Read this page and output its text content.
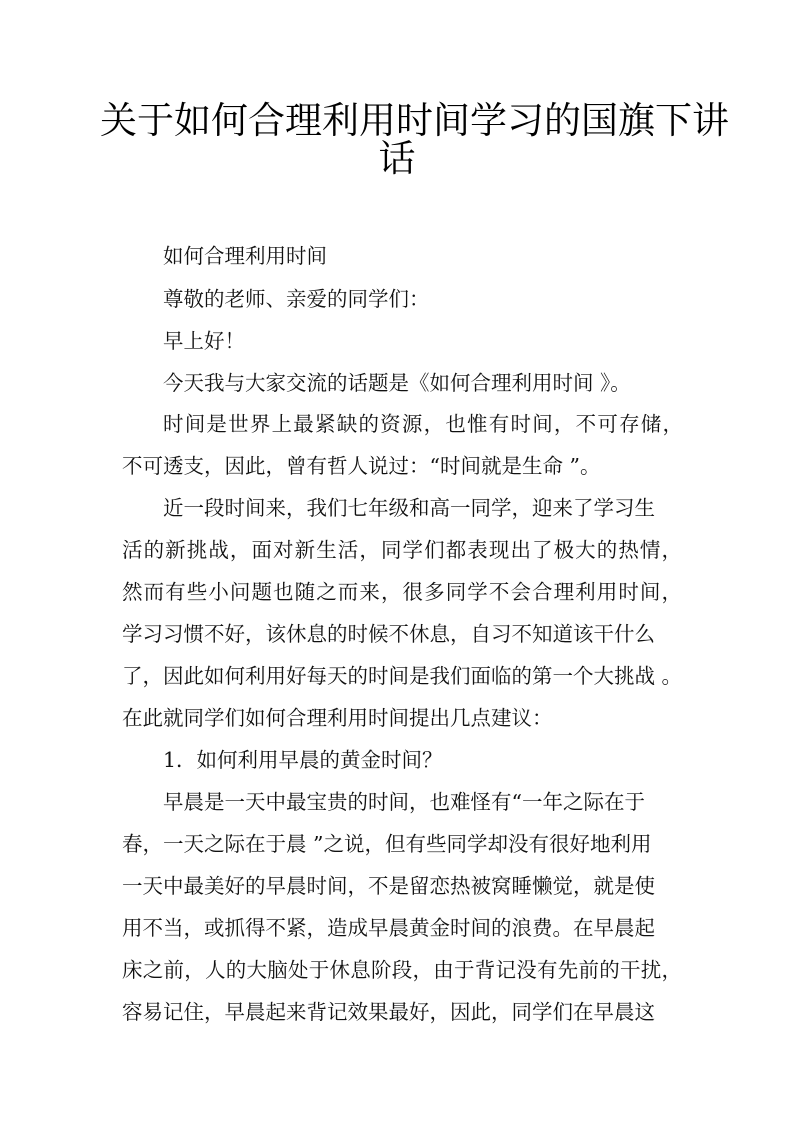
关于如何合理利用时间学习的国旗下讲
话
如何合理利用时间
尊敬的老师、亲爱的同学们：
早上好！
今天我与大家交流的话题是《如何合理利用时间 》。
时间是世界上最紧缺的资源，也惟有时间，不可存储，
不可透支，因此，曾有哲人说过：“时间就是生命 ”。
近一段时间来，我们七年级和高一同学，迎来了学习生
活的新挑战，面对新生活，同学们都表现出了极大的热情，
然而有些小问题也随之而来，很多同学不会合理利用时间，
学习习惯不好，该休息的时候不休息，自习不知道该干什么
了，因此如何利用好每天的时间是我们面临的第一个大挑战 。
在此就同学们如何合理利用时间提出几点建议：
1．如何利用早晨的黄金时间？
早晨是一天中最宝贵的时间，也难怪有“一年之际在于
春，一天之际在于晨 ”之说，但有些同学却没有很好地利用
一天中最美好的早晨时间，不是留恋热被窝睡懒觉，就是使
用不当，或抓得不紧，造成早晨黄金时间的浪费。在早晨起
床之前，人的大脑处于休息阶段，由于背记没有先前的干扰，
容易记住，早晨起来背记效果最好，因此，同学们在早晨这
